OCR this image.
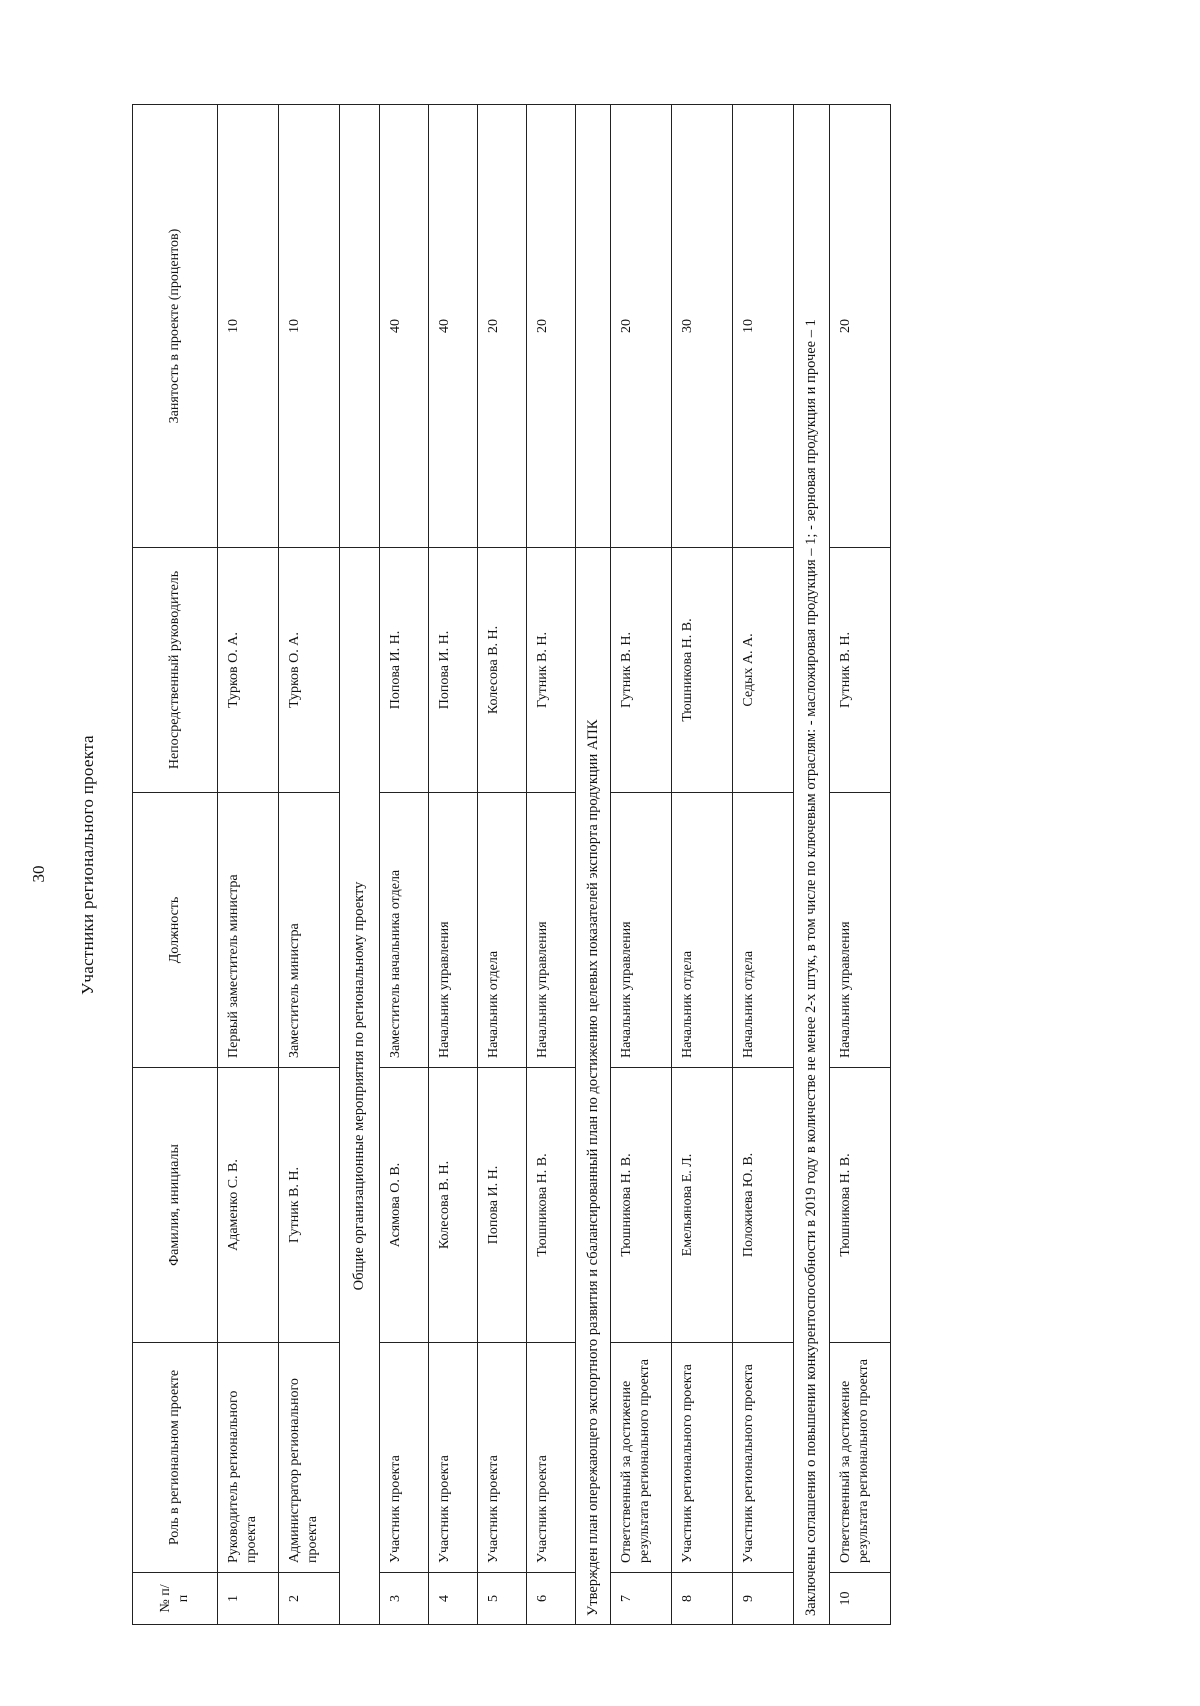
30 Участники регионального проекта
№ п/п	Роль в региональном проекте	Фамилия, инициалы	Должность	Непосредственный руководитель	Занятость в проекте (процентов)
1	Руководитель регионального проекта	Адаменко С. В.	Первый заместитель министра	Турков О. А.	10
2	Администратор регионального проекта	Гутник В. Н.	Заместитель министра	Турков О. А.	10
Общие организационные мероприятия по региональному проекту					
3	Участник проекта	Асямова О. В.	Заместитель начальника отдела	Попова И. Н.	40
4	Участник проекта	Колесова В. Н.	Начальник управления	Попова И. Н.	40
5	Участник проекта	Попова И. Н.	Начальник отдела	Колесова В. Н.	20
6	Участник проекта	Тюшникова Н. В.	Начальник управления	Гутник В. Н.	20
Утвержден план опережающего экспортного развития и сбалансированный план по достижению целевых показателей экспорта продукции АПК					
7	Ответственный за достижение результата регионального проекта	Тюшникова Н. В.	Начальник управления	Гутник В. Н.	20
8	Участник регионального проекта	Емельянова Е. Л.	Начальник отдела	Тюшникова Н. В.	30
9	Участник регионального проекта	Положиева Ю. В.	Начальник отдела	Седых А. А.	10
Заключены соглашения о повышении конкурентоспособности в 2019 году в количестве не менее 2-х штук, в том числе по ключевым отраслям: - масложировая продукция – 1; - зерновая продукция и прочее – 1					
10	Ответственный за достижение результата регионального проекта	Тюшникова Н. В.	Начальник управления	Гутник В. Н.	20
